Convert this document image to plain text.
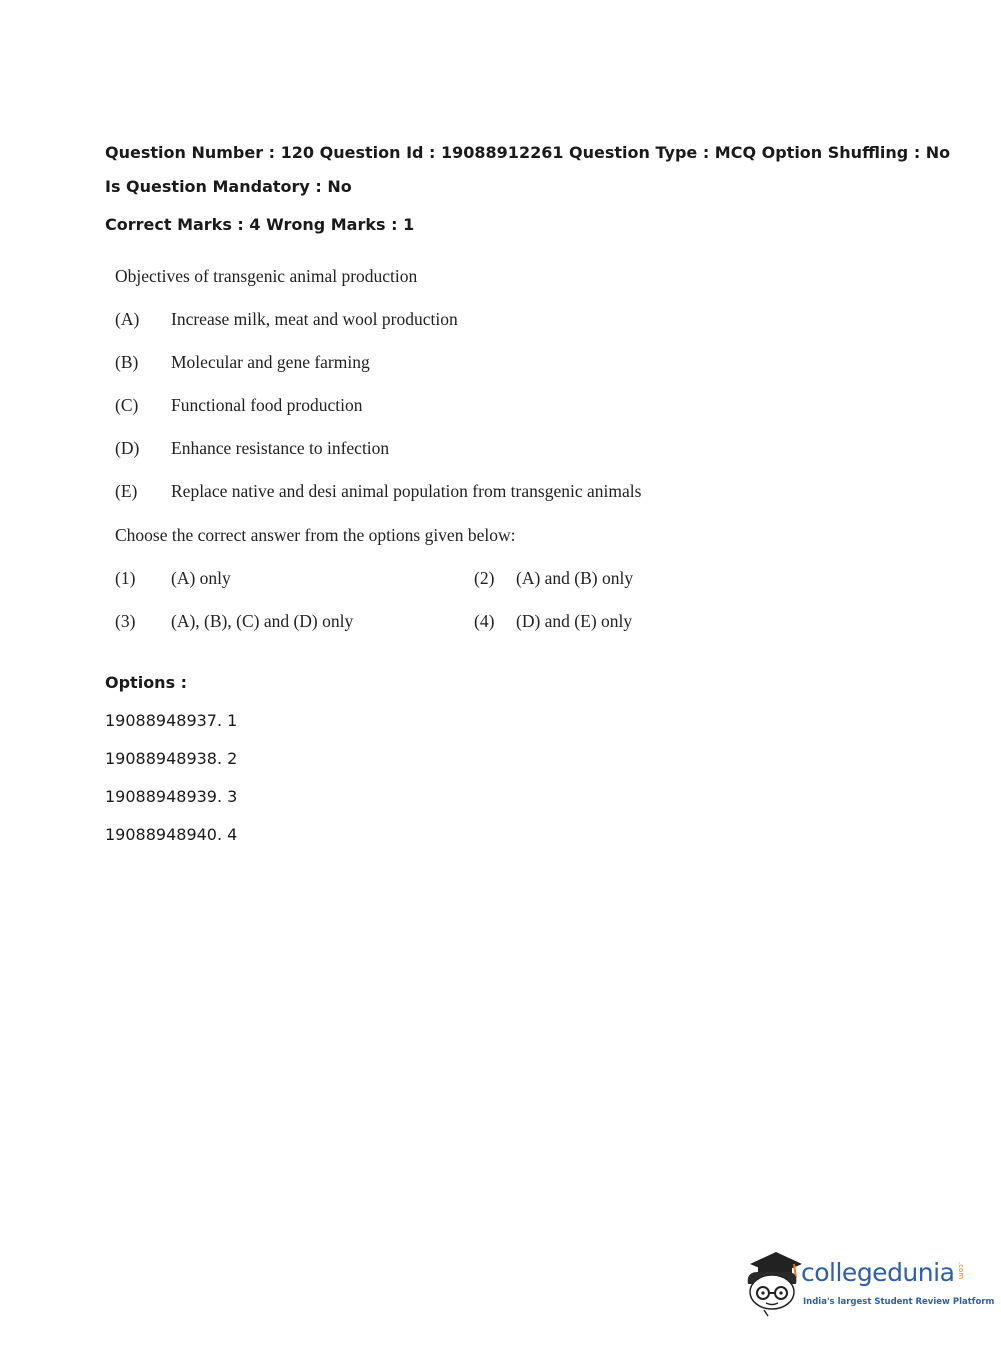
Question Number : 120 Question Id : 19088912261 Question Type : MCQ Option Shuffling : No
Is Question Mandatory : No
Correct Marks : 4 Wrong Marks : 1
Objectives of transgenic animal production
(A) Increase milk, meat and wool production
(B) Molecular and gene farming
(C) Functional food production
(D) Enhance resistance to infection
(E) Replace native and desi animal population from transgenic animals
Choose the correct answer from the options given below:
(1) (A) only	(2) (A) and (B) only
(3) (A), (B), (C) and (D) only	(4) (D) and (E) only
Options :
19088948937. 1
19088948938. 2
19088948939. 3
19088948940. 4
collegedunia .com
India's largest Student Review Platform
